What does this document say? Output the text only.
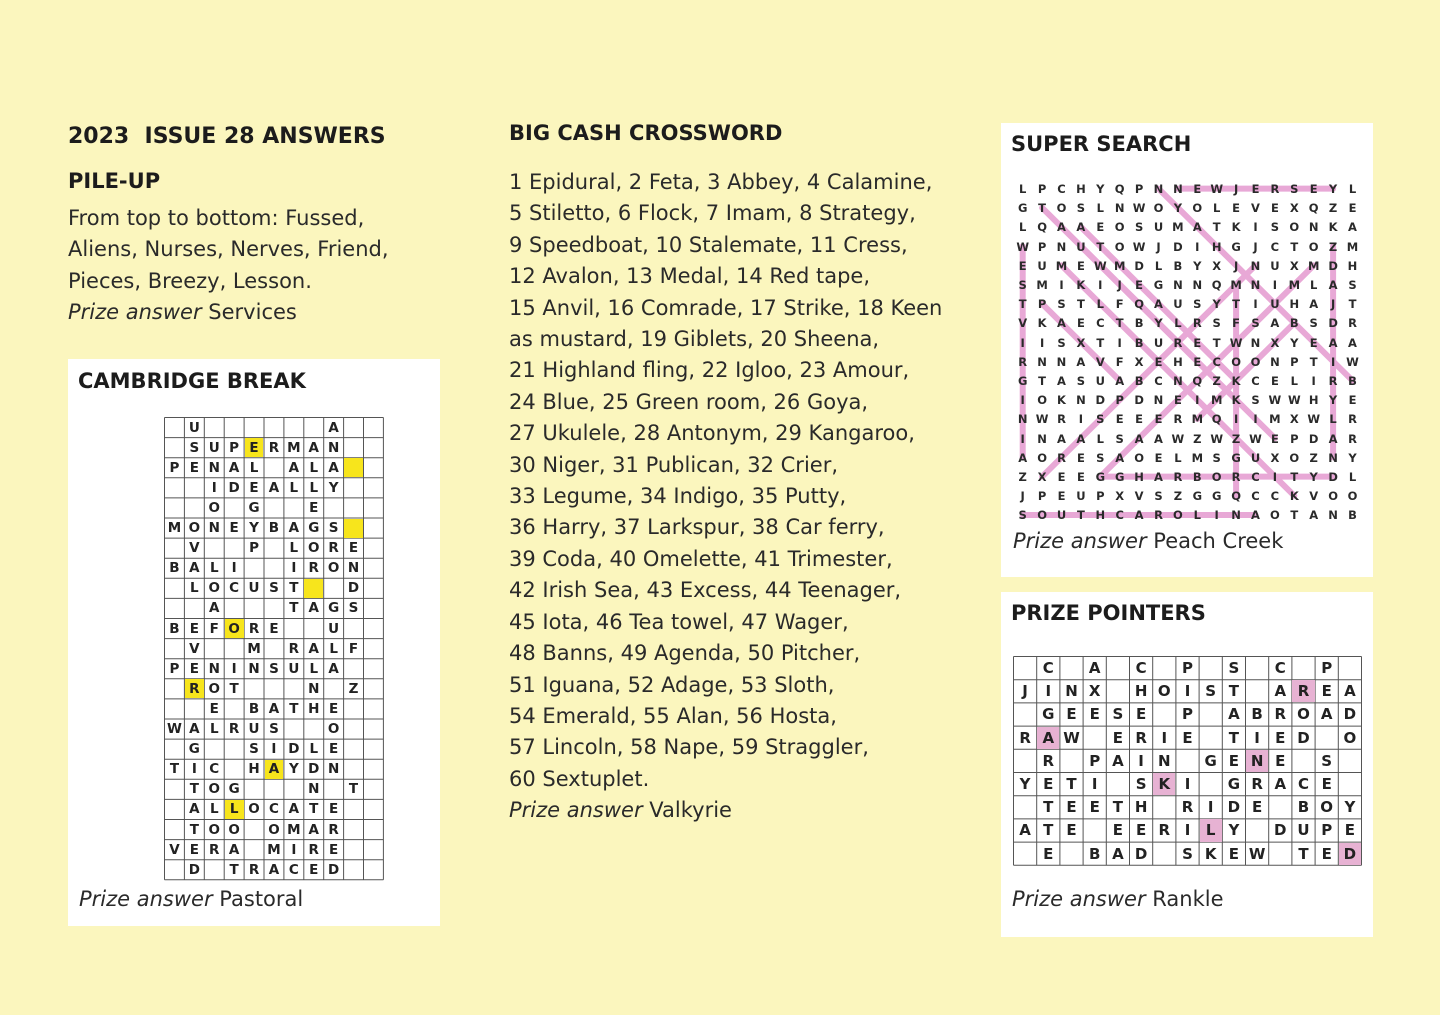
2023  ISSUE 28 ANSWERS
PILE-UP
From top to bottom: Fussed,
Aliens, Nurses, Nerves, Friend,
Pieces, Breezy, Lesson.
Prize answer Services
CAMBRIDGE BREAK
U	A
S U P E R M A N
P E N A L	A L A
I D E A L L Y
O G	E
M O N E Y B A G S
V	P	L O R E
B A L I	I R O N
L O C U S T	D
A	T A G S
B E F O R E	U
V	M	R A L F
P E N I N S U L A
R O T	N	Z
E	B A T H E
W A L R U S	O
G	S I D L E
T I C	H A Y D N
T O G	N	T
A L L O C A T E
T O O O M A R
V E R A	M I R E
D	T R A C E D
Prize answer Pastoral
BIG CASH CROSSWORD
1 Epidural, 2 Feta, 3 Abbey, 4 Calamine,
5 Stiletto, 6 Flock, 7 Imam, 8 Strategy,
9 Speedboat, 10 Stalemate, 11 Cress,
12 Avalon, 13 Medal, 14 Red tape,
15 Anvil, 16 Comrade, 17 Strike, 18 Keen
as mustard, 19 Giblets, 20 Sheena,
21 Highland fling, 22 Igloo, 23 Amour,
24 Blue, 25 Green room, 26 Goya,
27 Ukulele, 28 Antonym, 29 Kangaroo,
30 Niger, 31 Publican, 32 Crier,
33 Legume, 34 Indigo, 35 Putty,
36 Harry, 37 Larkspur, 38 Car ferry,
39 Coda, 40 Omelette, 41 Trimester,
42 Irish Sea, 43 Excess, 44 Teenager,
45 Iota, 46 Tea towel, 47 Wager,
48 Banns, 49 Agenda, 50 Pitcher,
51 Iguana, 52 Adage, 53 Sloth,
54 Emerald, 55 Alan, 56 Hosta,
57 Lincoln, 58 Nape, 59 Straggler,
60 Sextuplet.
Prize answer Valkyrie
SUPER SEARCH
L	P C H Y Q P N N E W J	E R S E Y	L
G T O S	L N W O Y O L	E V E X Q Z E
L Q A A E O S U M A T K	I	S O N K A
W P N U T O W J	D	I	H G	J	C T O Z M
E U M E W M D L B Y X	J	N U X M D H
S M	I	K	I	J	E G N N Q M N	I	M L A S
T P S T	L	F Q A U S Y T	I	U H A	J	T
V K A E C T B Y	L R S F S A B S D R
I	I	S X T	I	B U R E	T W N X Y E A A
R N N A V F X E H E C O O N P T	I W
G T A S U A B C N Q Z K C E	L	I	R B
I	O K N D P D N E	I	M K S W W H Y E
N W R	I	S E	E	E R M Q	I	I	M X W L R
I	N A A L	S A A W Z W Z W E P D A R
A O R E S A O E	L M S G U X O Z N Y
Z X E	E G G H A R B O R C	I	T Y D L
J	P E U P X V S Z G G Q C C K V O O
S O U T H C A R O L	I	N A O T A N B
Prize answer Peach Creek
PRIZE POINTERS
C	A	C	P	S	C	P
J	I N X	H O I	S T	A R E A
G E E S E	P	A B R O A D
R A W	E R I	E	T	I	E D	O
R	P A I N	G E N E	S
Y E T	I	S K I	G R A C E
T E E T H	R I D E	B O Y
A T E	E E R I	L Y	D U P E
E	B A D	S K E W	T E D
Prize answer Rankle
